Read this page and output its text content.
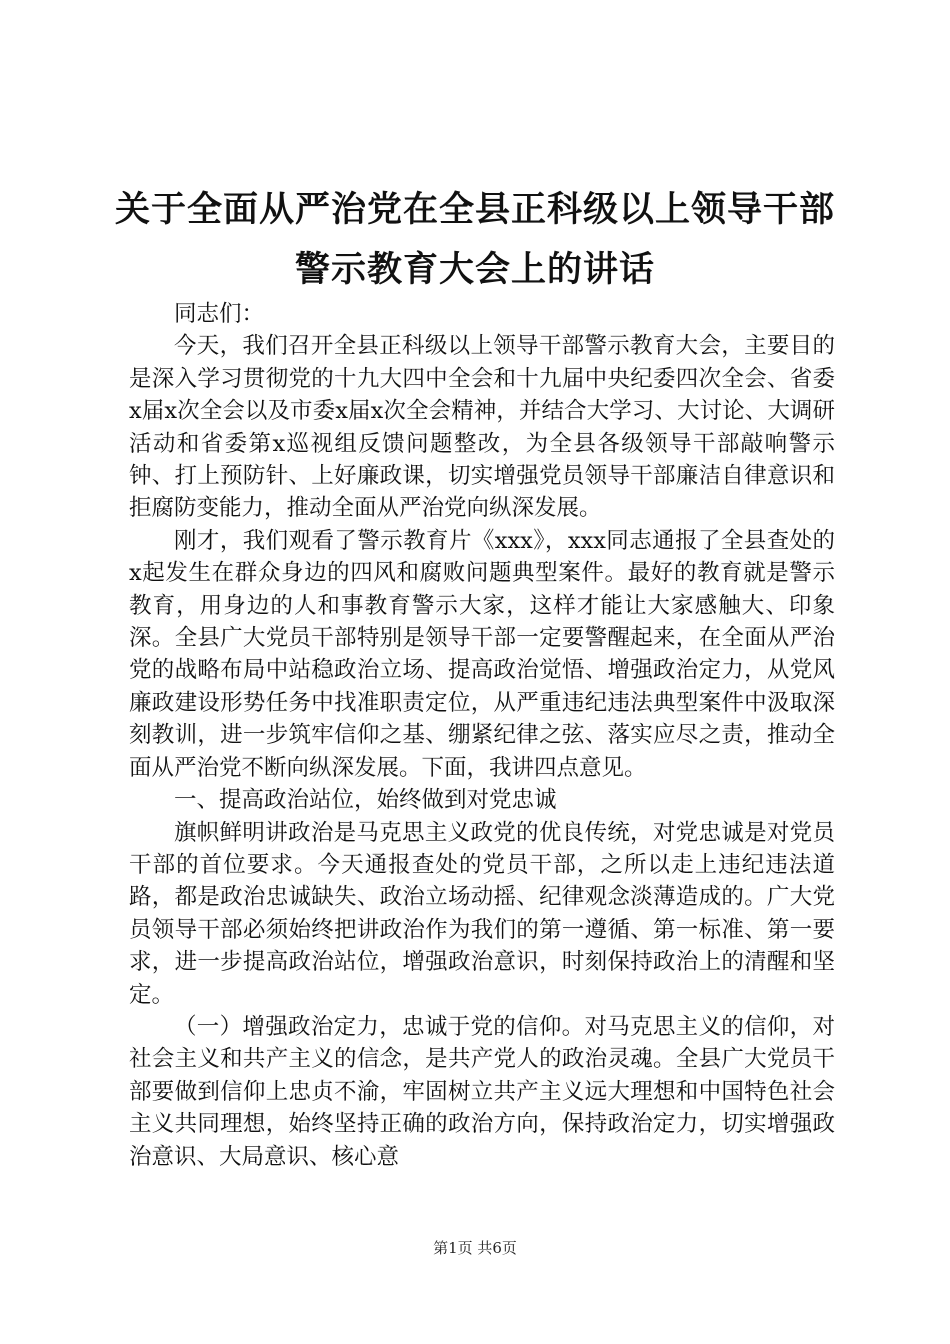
关于全面从严治党在全县正科级以上领导干部
警示教育大会上的讲话

同志们：

今天，我们召开全县正科级以上领导干部警示教育大会，主要目的是深入学习贯彻党的十九大四中全会和十九届中央纪委四次全会、省委x届x次全会以及市委x届x次全会精神，并结合大学习、大讨论、大调研活动和省委第x巡视组反馈问题整改，为全县各级领导干部敲响警示钟、打上预防针、上好廉政课，切实增强党员领导干部廉洁自律意识和拒腐防变能力，推动全面从严治党向纵深发展。

刚才，我们观看了警示教育片《xxx》，xxx同志通报了全县查处的x起发生在群众身边的四风和腐败问题典型案件。最好的教育就是警示教育，用身边的人和事教育警示大家，这样才能让大家感触大、印象深。全县广大党员干部特别是领导干部一定要警醒起来，在全面从严治党的战略布局中站稳政治立场、提高政治觉悟、增强政治定力，从党风廉政建设形势任务中找准职责定位，从严重违纪违法典型案件中汲取深刻教训，进一步筑牢信仰之基、绷紧纪律之弦、落实应尽之责，推动全面从严治党不断向纵深发展。下面，我讲四点意见。

一、提高政治站位，始终做到对党忠诚

旗帜鲜明讲政治是马克思主义政党的优良传统，对党忠诚是对党员干部的首位要求。今天通报查处的党员干部，之所以走上违纪违法道路，都是政治忠诚缺失、政治立场动摇、纪律观念淡薄造成的。广大党员领导干部必须始终把讲政治作为我们的第一遵循、第一标准、第一要求，进一步提高政治站位，增强政治意识，时刻保持政治上的清醒和坚定。

（一）增强政治定力，忠诚于党的信仰。对马克思主义的信仰，对社会主义和共产主义的信念，是共产党人的政治灵魂。全县广大党员干部要做到信仰上忠贞不渝，牢固树立共产主义远大理想和中国特色社会主义共同理想，始终坚持正确的政治方向，保持政治定力，切实增强政治意识、大局意识、核心意

第1页 共6页
